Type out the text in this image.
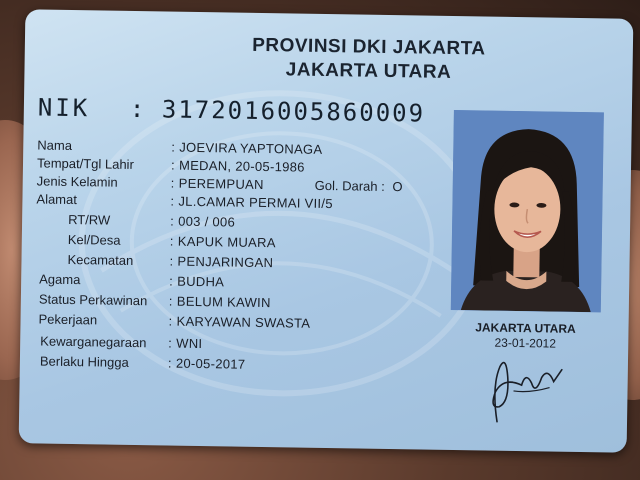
PROVINSI DKI JAKARTA
JAKARTA UTARA
NIK : 3172016005860009
Nama	: JOEVIRA YAPTONAGA
Tempat/Tgl Lahir	: MEDAN, 20-05-1986
Jenis Kelamin	: PEREMPUAN	Gol. Darah : O
Alamat	: JL.CAMAR PERMAI VII/5
RT/RW	: 003 / 006
Kel/Desa	: KAPUK MUARA
Kecamatan	: PENJARINGAN
Agama	: BUDHA
Status Perkawinan : BELUM KAWIN
Pekerjaan	: KARYAWAN SWASTA
Kewarganegaraan : WNI
Berlaku Hingga	: 20-05-2017
JAKARTA UTARA
23-01-2012
